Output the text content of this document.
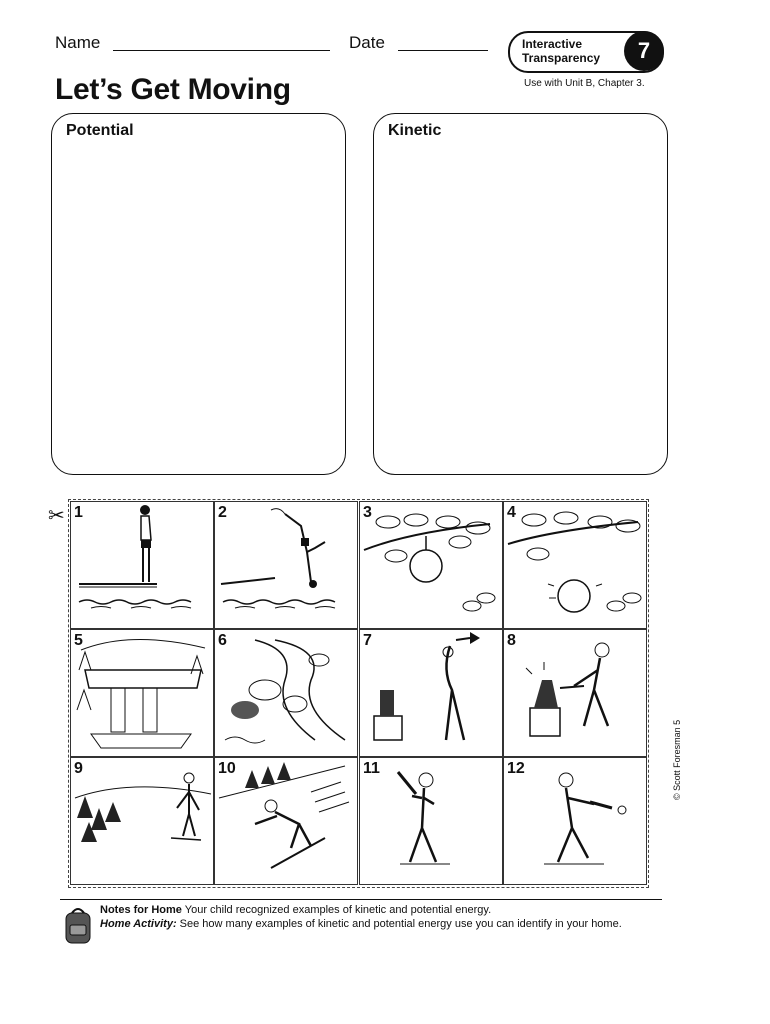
Name	Date	Interactive
Transparency	7
Use with Unit B, Chapter 3.
Let’s Get Moving
Potential	Kinetic
✂ 1	2	3	4
5	6	7	8
9	10	11	12	© Scott Foresman 5
Notes for Home Your child recognized examples of kinetic and potential energy.
Home Activity: See how many examples of kinetic and potential energy use you can identify in your home.
